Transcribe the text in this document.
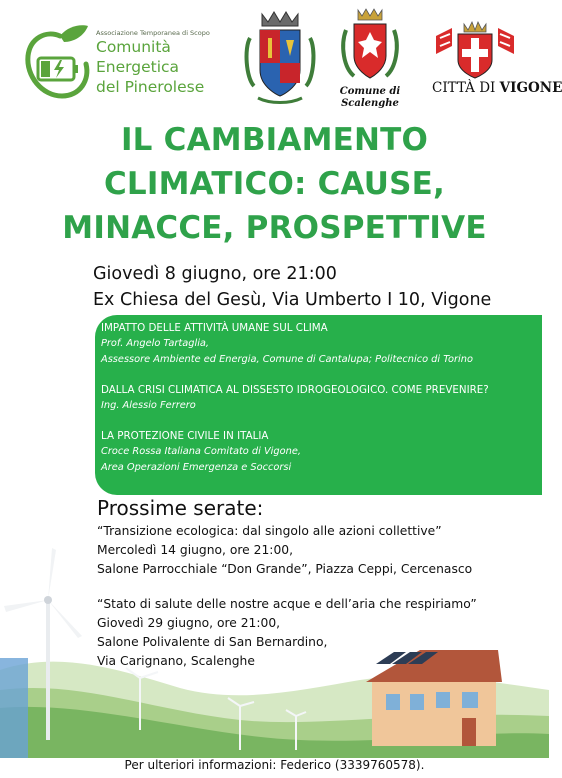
Associazione Temporanea di Scopo
Comunità
Energetica
del Pinerolese	Comune di
Scalenghe
CITTÀ DI VIGONE
IL CAMBIAMENTO
CLIMATICO: CAUSE,
MINACCE, PROSPETTIVE
Giovedì 8 giugno, ore 21:00
Ex Chiesa del Gesù, Via Umberto I 10, Vigone
IMPATTO DELLE ATTIVITÀ UMANE SUL CLIMA
Prof. Angelo Tartaglia,
Assessore Ambiente ed Energia, Comune di Cantalupa; Politecnico di Torino
DALLA CRISI CLIMATICA AL DISSESTO IDROGEOLOGICO. COME PREVENIRE?
Ing. Alessio Ferrero
LA PROTEZIONE CIVILE IN ITALIA
Croce Rossa Italiana Comitato di Vigone,
Area Operazioni Emergenza e Soccorsi
Prossime serate:
“Transizione ecologica: dal singolo alle azioni collettive”
Mercoledì 14 giugno, ore 21:00,
Salone Parrocchiale “Don Grande”, Piazza Ceppi, Cercenasco
“Stato di salute delle nostre acque e dell’aria che respiriamo”
Giovedì 29 giugno, ore 21:00,
Salone Polivalente di San Bernardino,
Via Carignano, Scalenghe
Per ulteriori informazioni: Federico (3339760578).
